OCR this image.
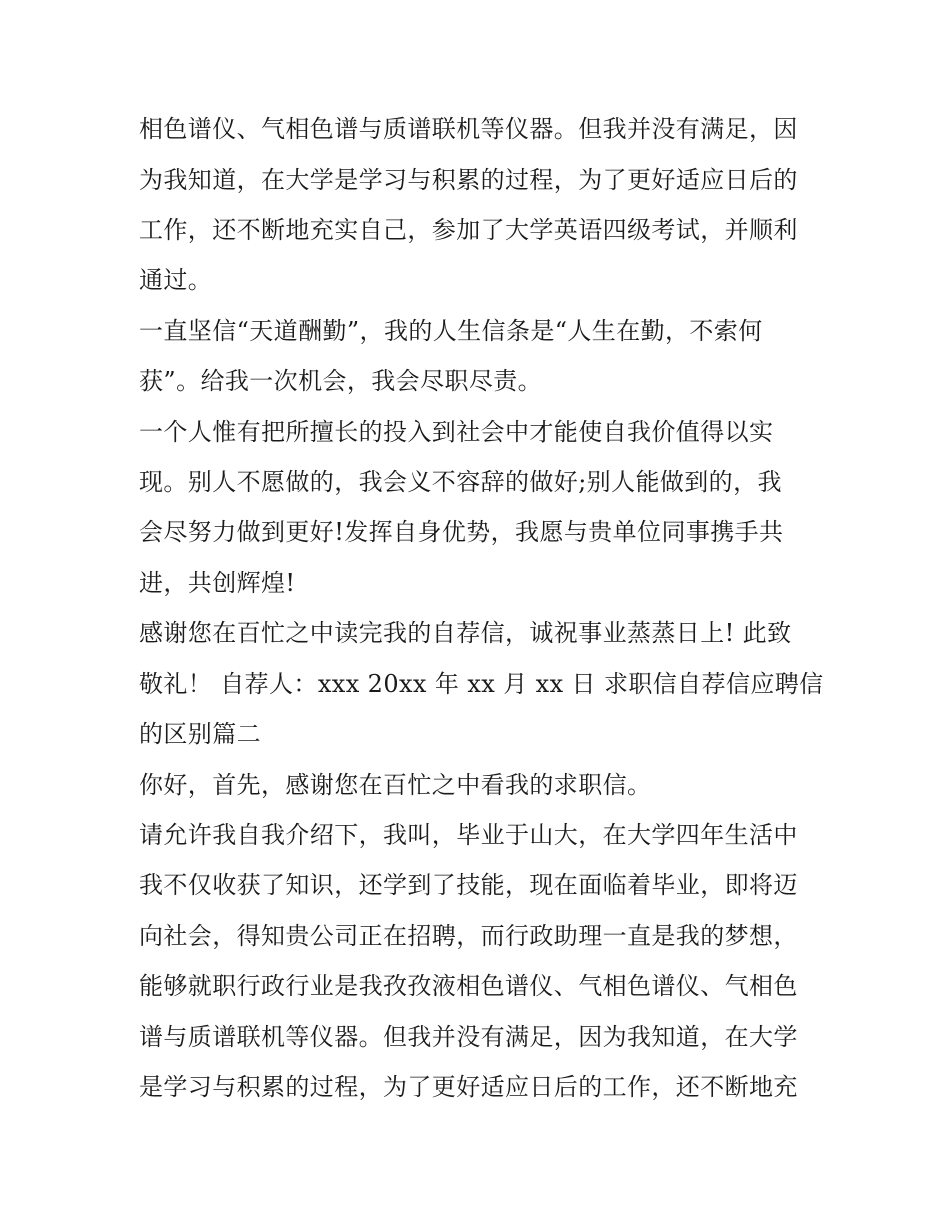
相色谱仪、气相色谱与质谱联机等仪器。但我并没有满足，因
为我知道，在大学是学习与积累的过程，为了更好适应日后的
工作，还不断地充实自己，参加了大学英语四级考试，并顺利
通过。
一直坚信“天道酬勤”，我的人生信条是“人生在勤，不索何
获”。给我一次机会，我会尽职尽责。
一个人惟有把所擅长的投入到社会中才能使自我价值得以实
现。别人不愿做的，我会义不容辞的做好;别人能做到的，我
会尽努力做到更好!发挥自身优势，我愿与贵单位同事携手共
进，共创辉煌!
感谢您在百忙之中读完我的自荐信，诚祝事业蒸蒸日上! 此致
敬礼！ 自荐人：xxx 20xx 年 xx 月 xx 日 求职信自荐信应聘信
的区别篇二
你好，首先，感谢您在百忙之中看我的求职信。
请允许我自我介绍下，我叫，毕业于山大，在大学四年生活中
我不仅收获了知识，还学到了技能，现在面临着毕业，即将迈
向社会，得知贵公司正在招聘，而行政助理一直是我的梦想，
能够就职行政行业是我孜孜液相色谱仪、气相色谱仪、气相色
谱与质谱联机等仪器。但我并没有满足，因为我知道，在大学
是学习与积累的过程，为了更好适应日后的工作，还不断地充
